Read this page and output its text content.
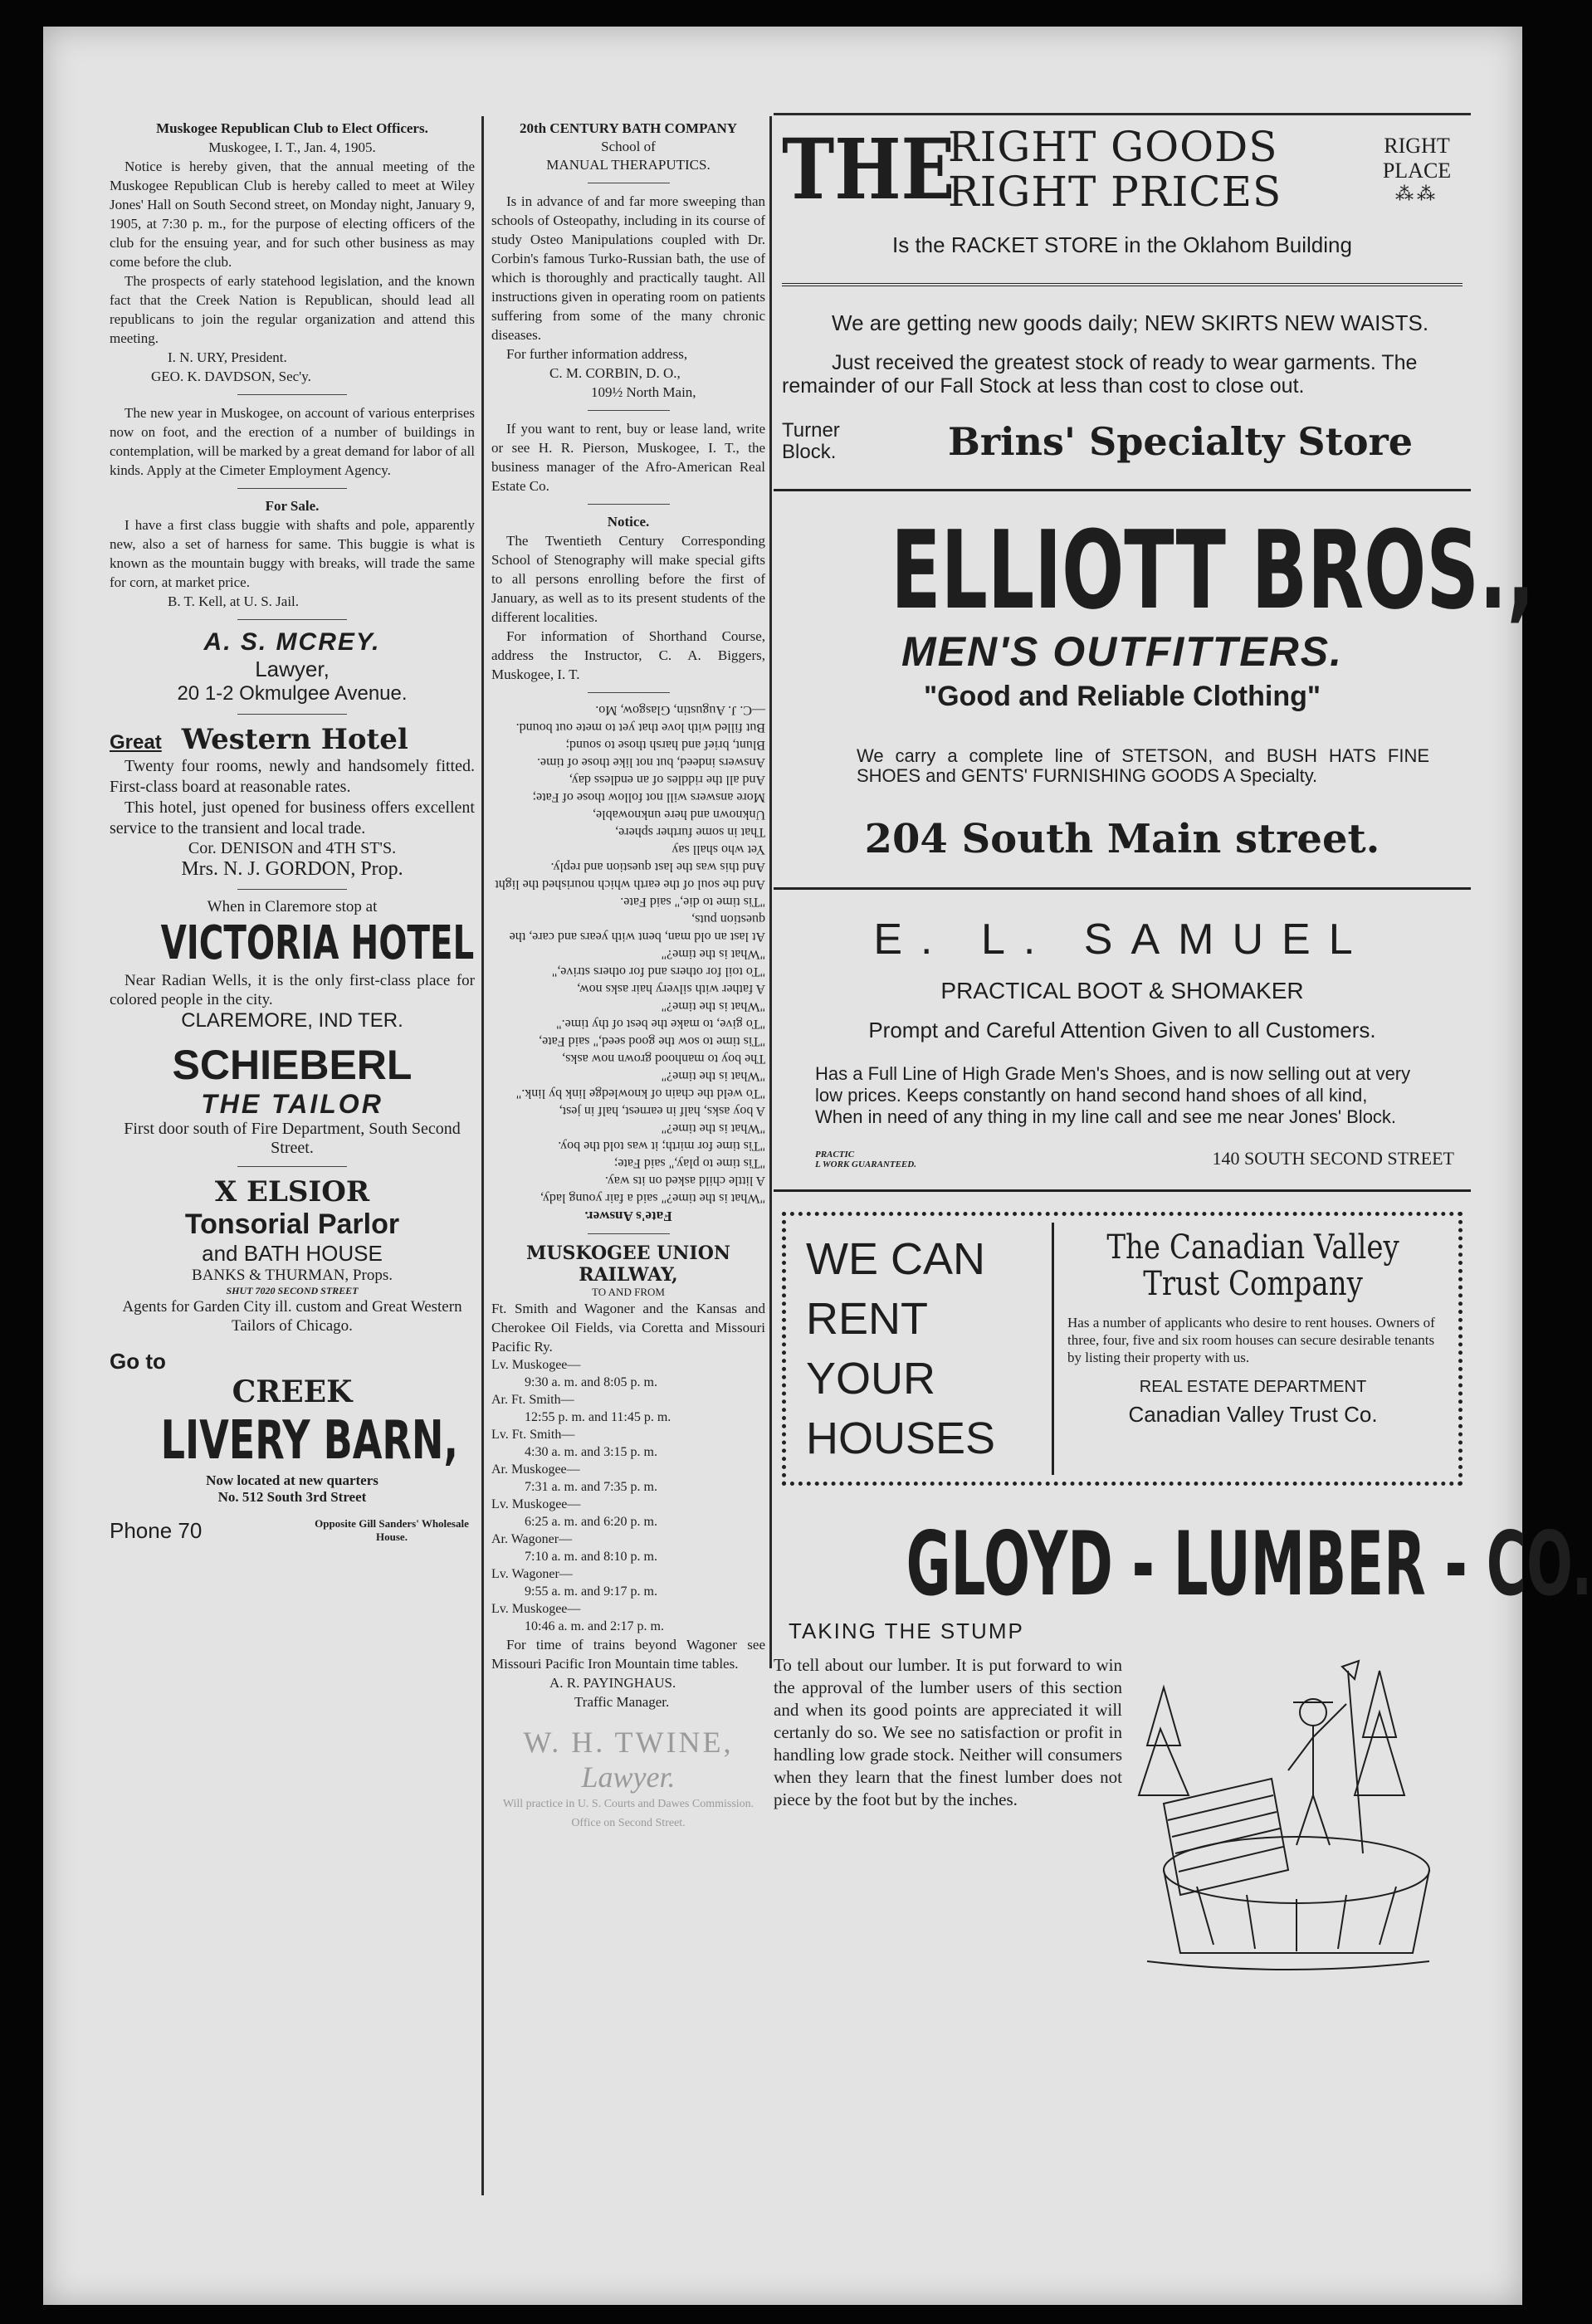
Muskogee Republican Club to Elect Officers.

Muskogee, I. T., Jan. 4, 1905.

Notice is hereby given, that the annual meeting of the Muskogee Republican Club is hereby called to meet at Wiley Jones' Hall on South Second street, on Monday night, January 9, 1905, at 7:30 p. m., for the purpose of electing officers of the club for the ensuing year, and for such other business as may come before the club.

The prospects of early statehood legislation, and the known fact that the Creek Nation is Republican, should lead all republicans to join the regular organization and attend this meeting.

I. N. URY, President.

GEO. K. DAVDSON, Sec'y.

The new year in Muskogee, on account of various enterprises now on foot, and the erection of a number of buildings in contemplation, will be marked by a great demand for labor of all kinds. Apply at the Cimeter Employment Agency.

For Sale.

I have a first class buggie with shafts and pole, apparently new, also a set of harness for same. This buggie is what is known as the mountain buggy with breaks, will trade the same for corn, at market price.

B. T. Kell, at U. S. Jail.

A. S. MCREY.

Lawyer,

20 1-2 Okmulgee Avenue.

Great Western Hotel

Twenty four rooms, newly and handsomely fitted. First-class board at reasonable rates.

This hotel, just opened for business offers excellent service to the transient and local trade.

Cor. DENISON and 4TH ST'S.

Mrs. N. J. GORDON, Prop.

When in Claremore stop at

VICTORIA HOTEL

Near Radian Wells, it is the only first-class place for colored people in the city.

CLAREMORE, IND TER.

SCHIEBERL

THE TAILOR

First door south of Fire Department, South Second Street.

X ELSIOR

Tonsorial Parlor

and BATH HOUSE

BANKS & THURMAN, Props.

SHUT 7020 SECOND STREET

Agents for Garden City ill. custom and Great Western Tailors of Chicago.

Go to

CREEK

LIVERY BARN,

Now located at new quarters

No. 512 South 3rd Street

Phone 70	Opposite Gill Sanders' Wholesale House.

20th CENTURY BATH COMPANY

School of

MANUAL THERAPUTICS.

Is in advance of and far more sweeping than schools of Osteopathy, including in its course of study Osteo Manipulations coupled with Dr. Corbin's famous Turko-Russian bath, the use of which is thoroughly and practically taught. All instructions given in operating room on patients suffering from some of the many chronic diseases.

For further information address,

C. M. CORBIN, D. O.,

109½ North Main,

If you want to rent, buy or lease land, write or see H. R. Pierson, Muskogee, I. T., the business manager of the Afro-American Real Estate Co.

Notice.

The Twentieth Century Corresponding School of Stenography will make special gifts to all persons enrolling before the first of January, as well as to its present students of the different localities.

For information of Shorthand Course, address the Instructor, C. A. Biggers, Muskogee, I. T.

Fate's Answer.

"What is the time?" said a fair young lady,

A little child asked on its way.

"Tis time to play," said Fate;

"Tis time for mirth; it was told the boy.

"What is the time?"

A boy asks, half in earnest, half in jest,

"To weld the chain of knowledge link by link."

"What is the time?"

The boy to manhood grown now asks,

"Tis time to sow the good seed," said Fate,

"To give, to make the best of thy time."

"What is the time?"

A father with silvery hair asks now,

"To toil for others and for others strive,"

"What is the time?"

At last an old man, bent with years and care, the question puts,

"Tis time to die," said Fate.

And the soul of the earth which nourished the light

And this was the last question and reply.

Yet who shall say

That in some further sphere,

Unknown and here unknowable,

More answers will not follow those of Fate;

And all the riddles of an endless day,

Answers indeed, but not like those of time.

Blunt, brief and harsh those to sound;

But filled with love that yet to mete out bound.

—C. J. Augustin, Glasgow, Mo.

MUSKOGEE UNION RAILWAY,

TO AND FROM

Ft. Smith and Wagoner and the Kansas and Cherokee Oil Fields, via Coretta and Missouri Pacific Ry.

Lv. Muskogee—
9:30 a. m. and 8:05 p. m.
Ar. Ft. Smith—
12:55 p. m. and 11:45 p. m.
Lv. Ft. Smith—
4:30 a. m. and 3:15 p. m.
Ar. Muskogee—
7:31 a. m. and 7:35 p. m.
Lv. Muskogee—
6:25 a. m. and 6:20 p. m.
Ar. Wagoner—
7:10 a. m. and 8:10 p. m.
Lv. Wagoner—
9:55 a. m. and 9:17 p. m.
Lv. Muskogee—
10:46 a. m. and 2:17 p. m.

For time of trains beyond Wagoner see Missouri Pacific Iron Mountain time tables.

A. R. PAYINGHAUS.

Traffic Manager.

W. H. TWINE,

Lawyer.

Will practice in U. S. Courts and Dawes Commission. Office on Second Street.

THE

RIGHT GOODS

RIGHT PRICES

RIGHT

PLACE

⁂⁂

Is the RACKET STORE in the Oklahom Building

We are getting new goods daily; NEW SKIRTS NEW WAISTS.

Just received the greatest stock of ready to wear garments. The remainder of our Fall Stock at less than cost to close out.

Turner

Block.	Brins' Specialty Store

ELLIOTT BROS.,

MEN'S OUTFITTERS.

"Good and Reliable Clothing"

We carry a complete line of STETSON, and BUSH HATS FINE SHOES and GENTS' FURNISHING GOODS A Specialty.

204 South Main street.

E. L. SAMUEL

PRACTICAL BOOT & SHOMAKER

Prompt and Careful Attention Given to all Customers.

Has a Full Line of High Grade Men's Shoes, and is now selling out at very low prices. Keeps constantly on hand second hand shoes of all kind, When in need of any thing in my line call and see me near Jones' Block.

PRACTIC

L WORK GUARANTEED.	140 SOUTH SECOND STREET

WE CAN RENT YOUR HOUSES

The Canadian Valley Trust Company

Has a number of applicants who desire to rent houses. Owners of three, four, five and six room houses can secure desirable tenants by listing their property with us.

REAL ESTATE DEPARTMENT

Canadian Valley Trust Co.

GLOYD - LUMBER - CO.

TAKING THE STUMP

To tell about our lumber. It is put forward to win the approval of the lumber users of this section and when its good points are appreciated it will certanly do so. We see no satisfaction or profit in handling low grade stock. Neither will consumers when they learn that the finest lumber does not piece by the foot but by the inches.
